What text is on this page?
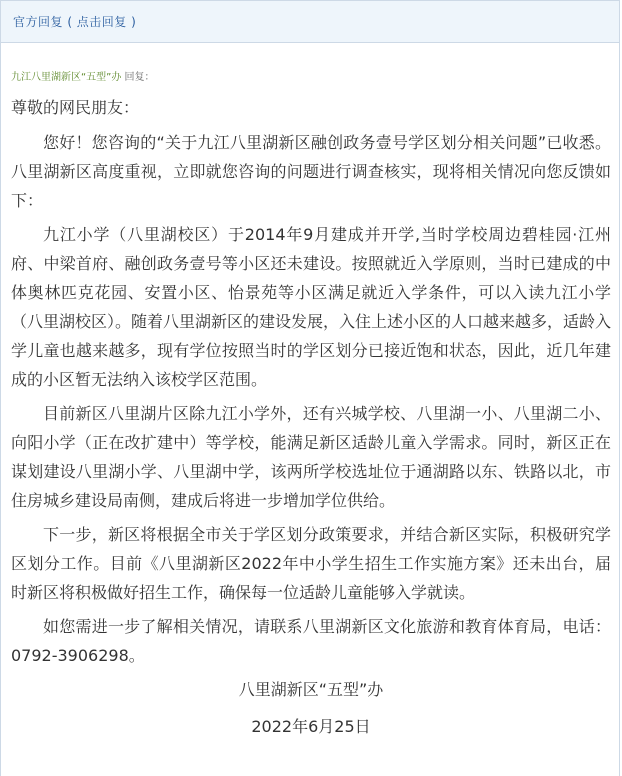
官方回复 ( 点击回复 )
九江八里湖新区“五型”办 回复：

尊敬的网民朋友：

您好！您咨询的“关于九江八里湖新区融创政务壹号学区划分相关问题”已收悉。八里湖新区高度重视，立即就您咨询的问题进行调查核实，现将相关情况向您反馈如下：

九江小学（八里湖校区）于2014年9月建成并开学,当时学校周边碧桂园·江州府、中梁首府、融创政务壹号等小区还未建设。按照就近入学原则，当时已建成的中体奥林匹克花园、安置小区、怡景苑等小区满足就近入学条件，可以入读九江小学（八里湖校区）。随着八里湖新区的建设发展，入住上述小区的人口越来越多，适龄入学儿童也越来越多，现有学位按照当时的学区划分已接近饱和状态，因此，近几年建成的小区暂无法纳入该校学区范围。

目前新区八里湖片区除九江小学外，还有兴城学校、八里湖一小、八里湖二小、向阳小学（正在改扩建中）等学校，能满足新区适龄儿童入学需求。同时，新区正在谋划建设八里湖小学、八里湖中学，该两所学校选址位于通湖路以东、铁路以北，市住房城乡建设局南侧，建成后将进一步增加学位供给。

下一步，新区将根据全市关于学区划分政策要求，并结合新区实际，积极研究学区划分工作。目前《八里湖新区2022年中小学生招生工作实施方案》还未出台，届时新区将积极做好招生工作，确保每一位适龄儿童能够入学就读。

如您需进一步了解相关情况，请联系八里湖新区文化旅游和教育体育局，电话：0792-3906298。

八里湖新区“五型”办

2022年6月25日
